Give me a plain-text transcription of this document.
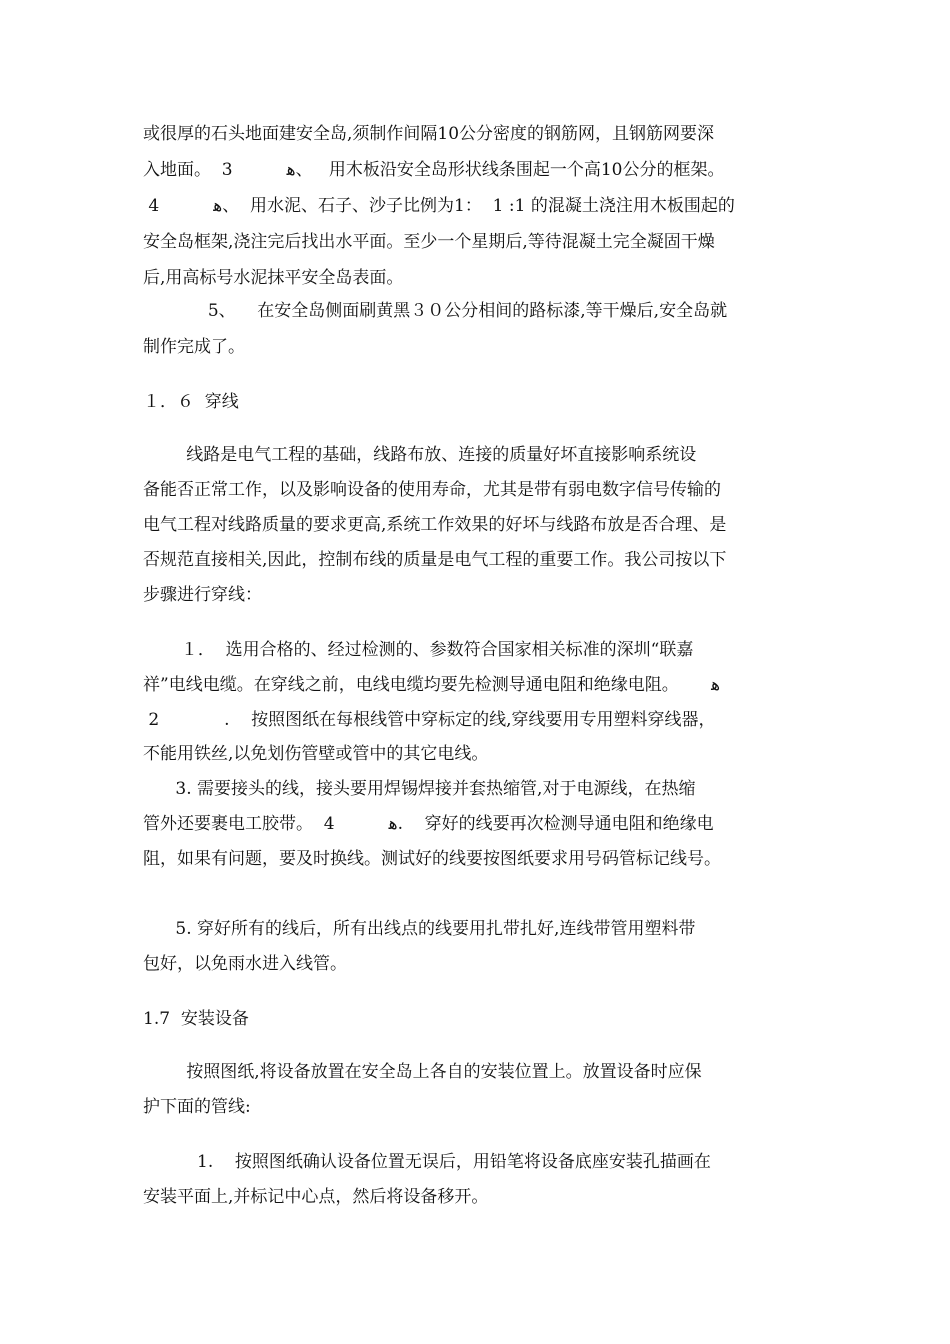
或很厚的石头地面建安全岛,须制作间隔10公分密度的钢筋网，且钢筋网要深

入地面。  3          ﻿ﻫ、   用木板沿安全岛形状线条围起一个高10公分的框架。

4          ﻫ、  用水泥、石子、沙子比例为1：  1 :1 的混凝土浇注用木板围起的

安全岛框架,浇注完后找出水平面。至少一个星期后,等待混凝土完全凝固干燥

后,用高标号水泥抹平安全岛表面。

5、    在安全岛侧面刷黄黑３０公分相间的路标漆,等干燥后,安全岛就

制作完成了。

１．６  穿线

线路是电气工程的基础，线路布放、连接的质量好坏直接影响系统设

备能否正常工作，以及影响设备的使用寿命，尤其是带有弱电数字信号传输的

电气工程对线路质量的要求更高,系统工作效果的好坏与线路布放是否合理、是

否规范直接相关,因此，控制布线的质量是电气工程的重要工作。我公司按以下

步骤进行穿线：

１．  选用合格的、经过检测的、参数符合国家相关标准的深圳“联嘉

祥”电线电缆。在穿线之前，电线电缆均要先检测导通电阻和绝缘电阻。      ﻫ

2            .    按照图纸在每根线管中穿标定的线,穿线要用专用塑料穿线器，

不能用铁丝,以免划伤管壁或管中的其它电线。

3. 需要接头的线，接头要用焊锡焊接并套热缩管,对于电源线，在热缩

管外还要裹电工胶带。  4          ﻫ.    穿好的线要再次检测导通电阻和绝缘电

阻，如果有问题，要及时换线。测试好的线要按图纸要求用号码管标记线号。

5. 穿好所有的线后，所有出线点的线要用扎带扎好,连线带管用塑料带

包好，以免雨水进入线管。

1.7  安装设备

按照图纸,将设备放置在安全岛上各自的安装位置上。放置设备时应保

护下面的管线:

1.    按照图纸确认设备位置无误后，用铅笔将设备底座安装孔描画在

安装平面上,并标记中心点，然后将设备移开。
